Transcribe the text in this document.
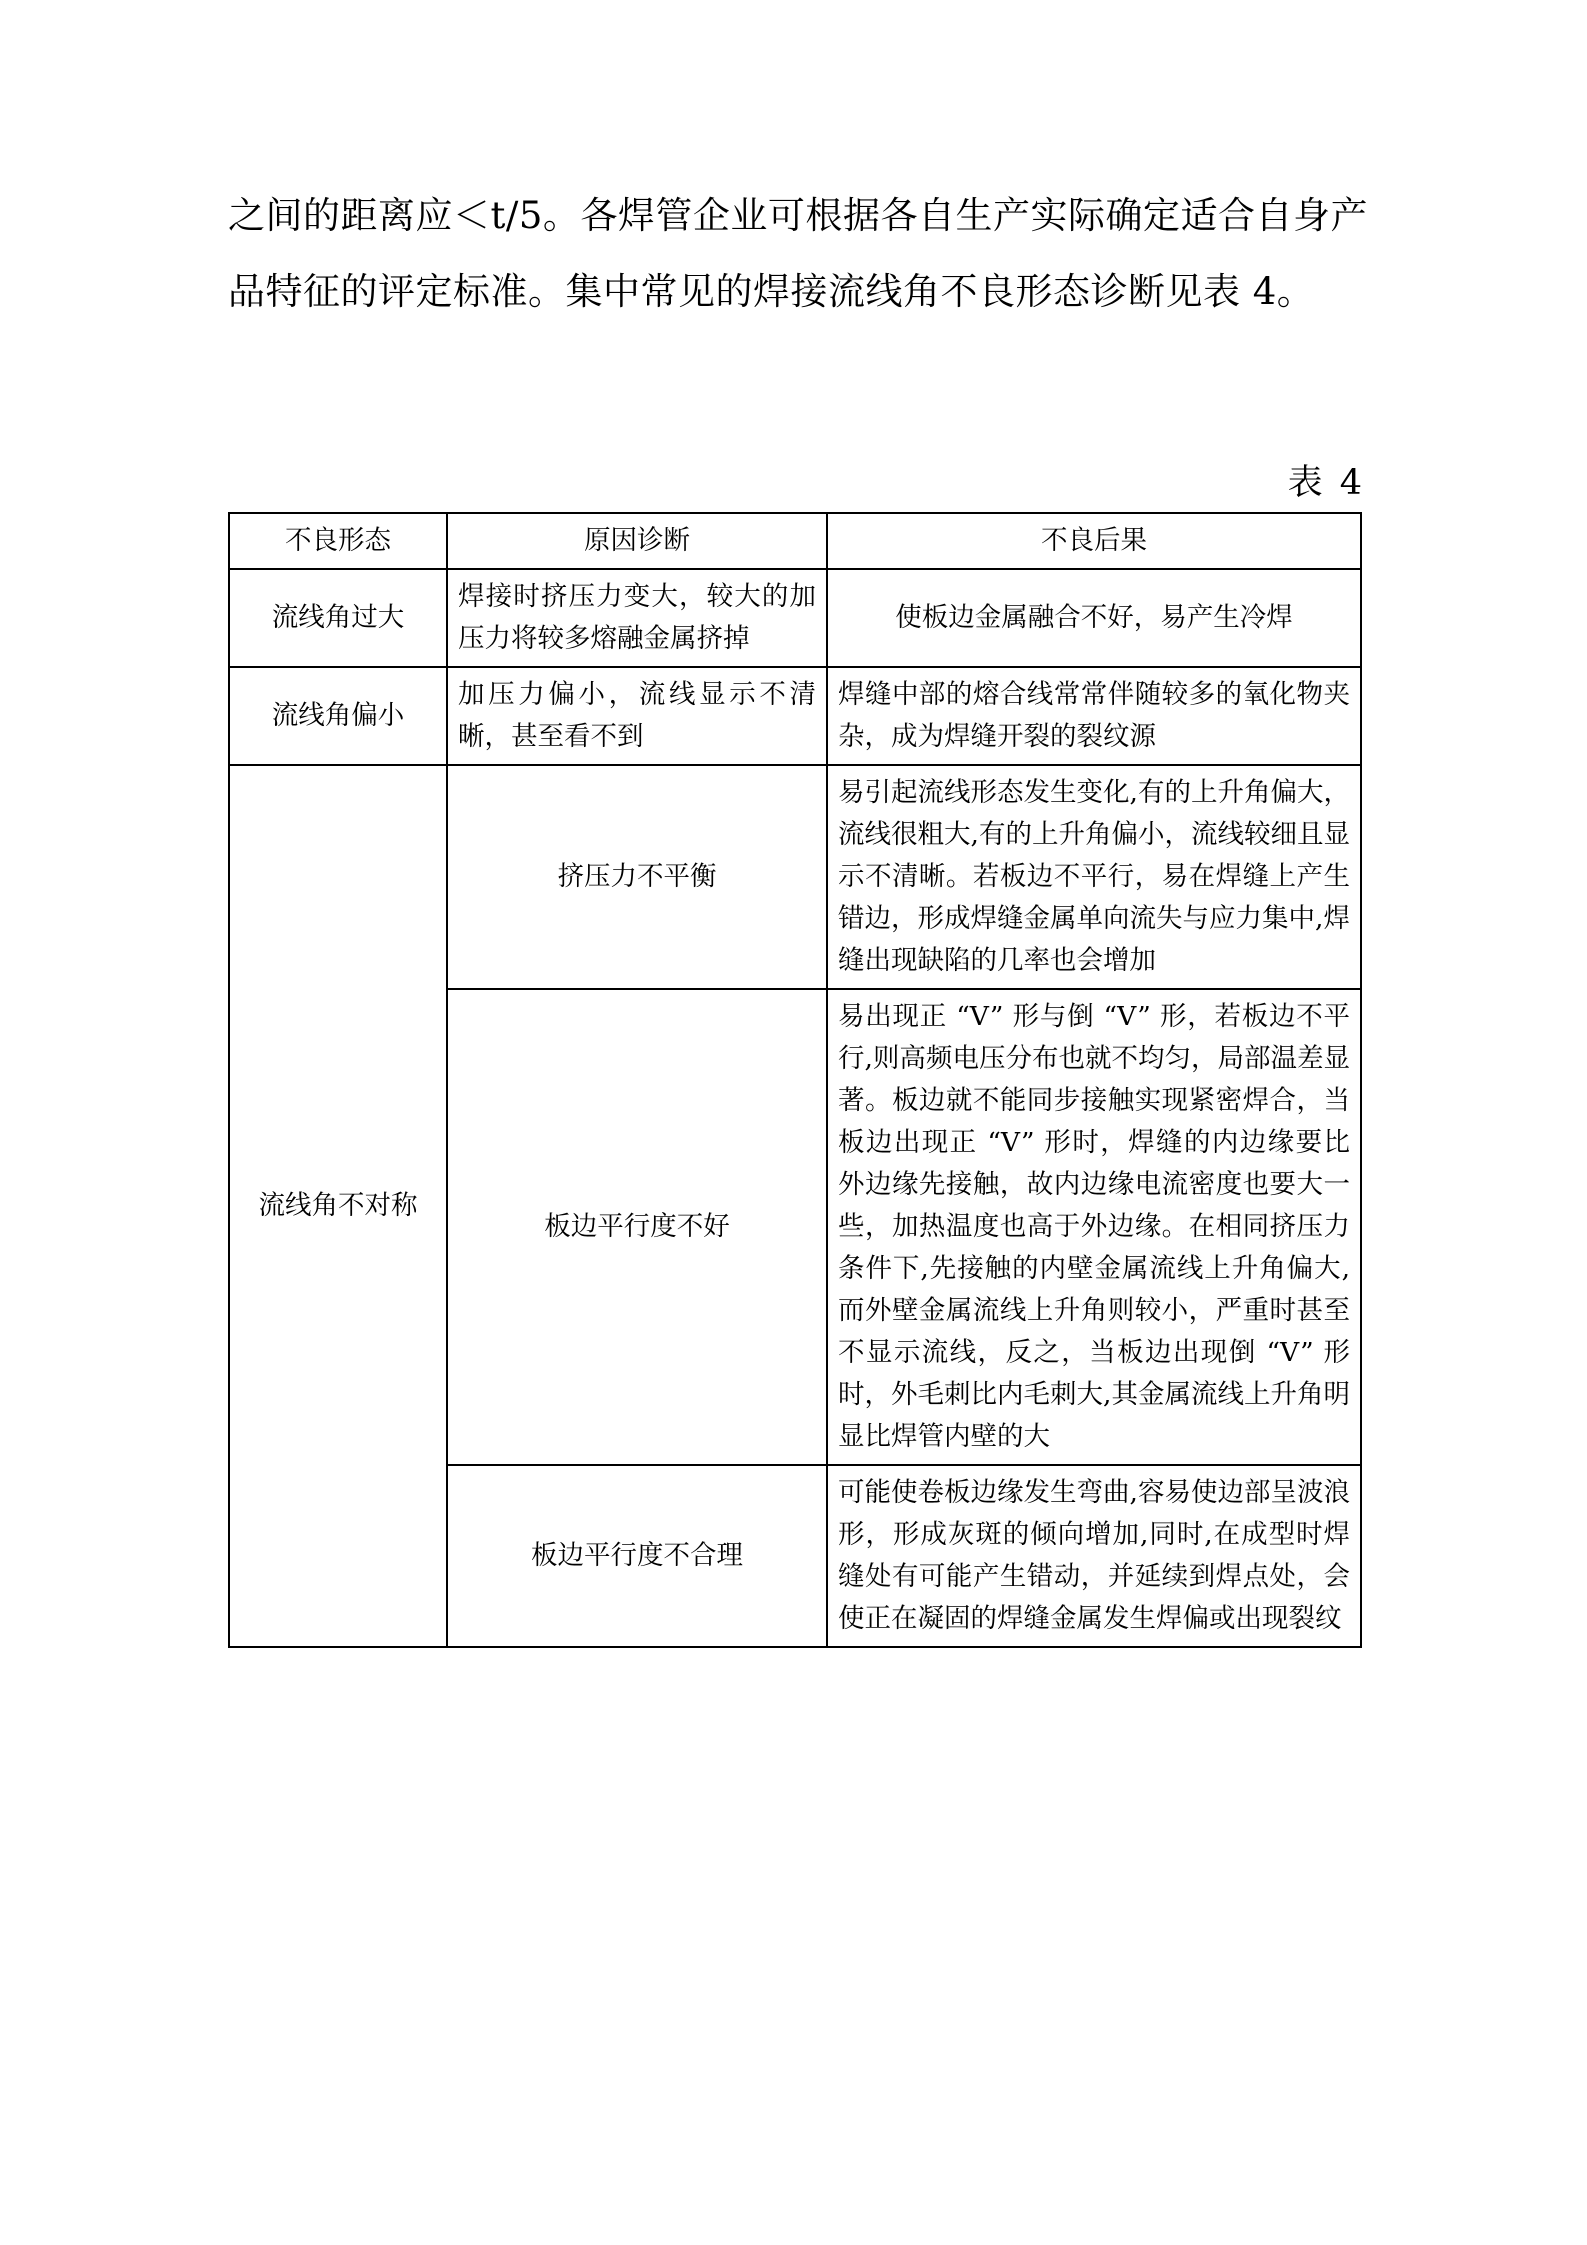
之间的距离应＜t/5。各焊管企业可根据各自生产实际确定适合自身产品特征的评定标准。集中常见的焊接流线角不良形态诊断见表 4。

表 4
不良形态	原因诊断	不良后果
流线角过大	焊接时挤压力变大，较大的加压力将较多熔融金属挤掉	使板边金属融合不好，易产生冷焊
流线角偏小	加压力偏小，流线显示不清晰，甚至看不到	焊缝中部的熔合线常常伴随较多的氧化物夹杂，成为焊缝开裂的裂纹源
流线角不对称	挤压力不平衡	易引起流线形态发生变化,有的上升角偏大，流线很粗大,有的上升角偏小，流线较细且显示不清晰。若板边不平行，易在焊缝上产生错边，形成焊缝金属单向流失与应力集中,焊缝出现缺陷的几率也会增加
	板边平行度不好	易出现正 “V” 形与倒 “V” 形，若板边不平行,则高频电压分布也就不均匀，局部温差显著。板边就不能同步接触实现紧密焊合，当板边出现正 “V” 形时，焊缝的内边缘要比外边缘先接触，故内边缘电流密度也要大一些，加热温度也高于外边缘。在相同挤压力条件下,先接触的内壁金属流线上升角偏大,而外壁金属流线上升角则较小，严重时甚至不显示流线，反之，当板边出现倒 “V” 形时，外毛刺比内毛刺大,其金属流线上升角明显比焊管内壁的大
	板边平行度不合理	可能使卷板边缘发生弯曲,容易使边部呈波浪形，形成灰斑的倾向增加,同时,在成型时焊缝处有可能产生错动，并延续到焊点处，会使正在凝固的焊缝金属发生焊偏或出现裂纹
